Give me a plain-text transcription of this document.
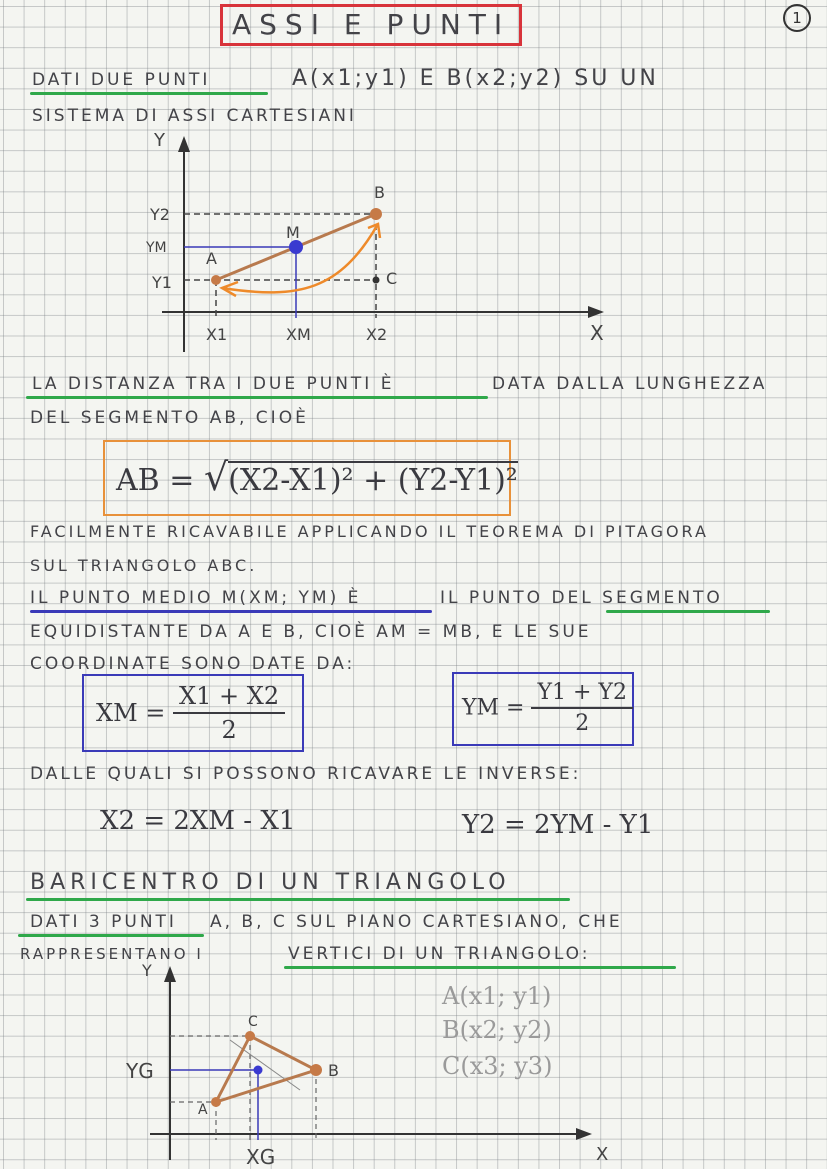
1
ASSI E PUNTI
DATI DUE PUNTI	A(x1;y1) E B(x2;y2) SU UN
SISTEMA DI ASSI CARTESIANI
Y
X
A
B
M
C
Y2
YM
Y1
X1	XM	X2
LA DISTANZA TRA I DUE PUNTI È	DATA DALLA LUNGHEZZA
DEL SEGMENTO AB, CIOÈ
AB = √(X2-X1)² + (Y2-Y1)²
FACILMENTE RICAVABILE APPLICANDO IL TEOREMA DI PITAGORA
SUL TRIANGOLO ABC.
IL PUNTO MEDIO M(XM; YM) È	IL PUNTO DEL SEGMENTO
EQUIDISTANTE DA A E B, CIOÈ AM = MB, E LE SUE
COORDINATE SONO DATE DA:
XM = $\frac{X1 + X2}{2}$	YM = $\frac{Y1 + Y2}{2}$
DALLE QUALI SI POSSONO RICAVARE LE INVERSE:
X2 = 2XM - X1	Y2 = 2YM - Y1
BARICENTRO DI UN TRIANGOLO
DATI 3 PUNTI A, B, C SUL PIANO CARTESIANO, CHE
RAPPRESENTANO I	VERTICI DI UN TRIANGOLO:
A(x1; y1)
B(x2; y2)
C(x3; y3)
Y
X
A
B
C
YG
XG
